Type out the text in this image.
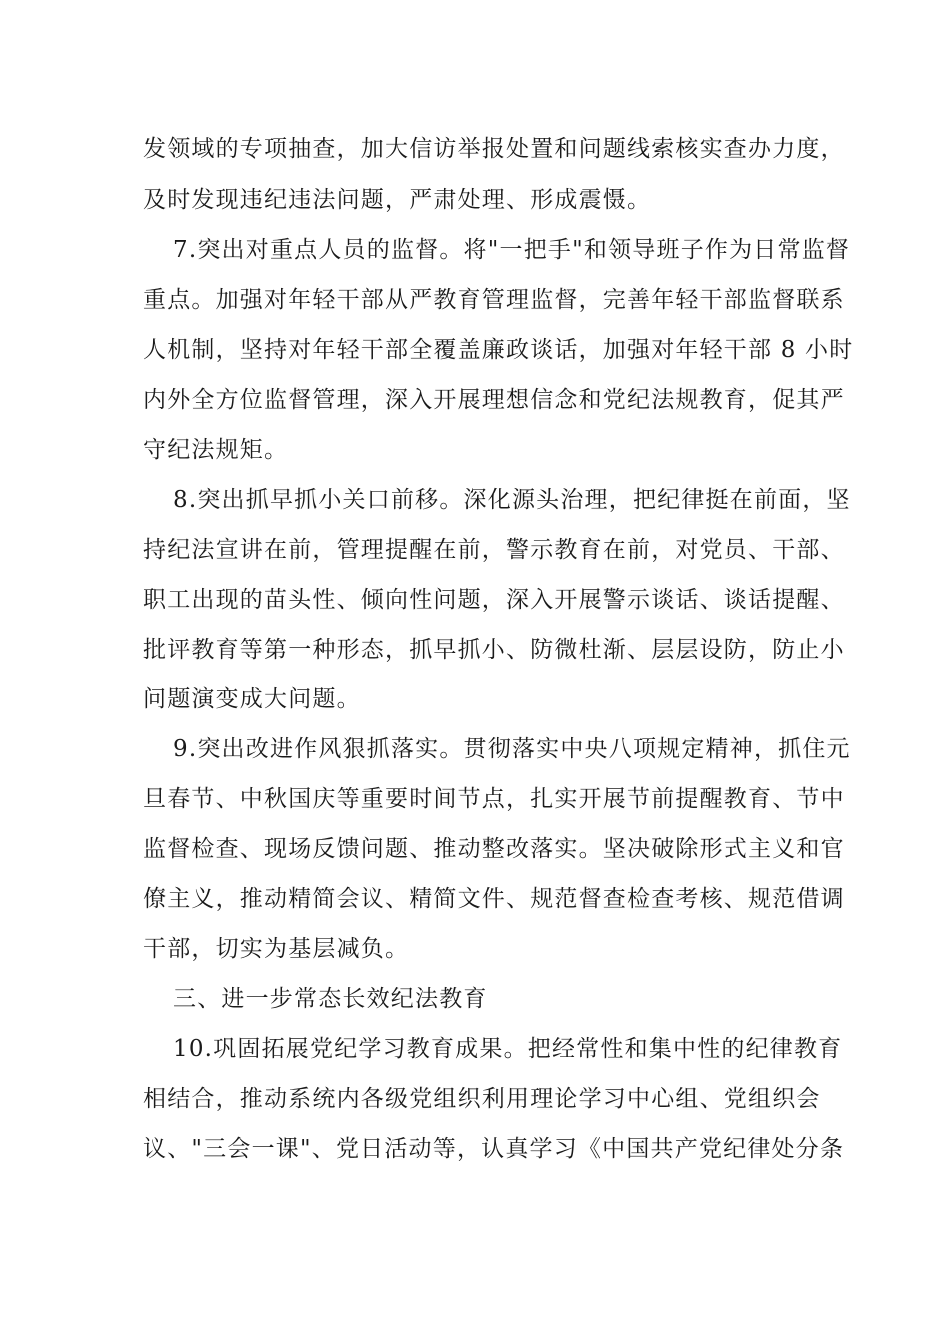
发领域的专项抽查，加大信访举报处置和问题线索核实查办力度，
及时发现违纪违法问题，严肃处理、形成震慑。
7.突出对重点人员的监督。将"一把手"和领导班子作为日常监督
重点。加强对年轻干部从严教育管理监督，完善年轻干部监督联系
人机制，坚持对年轻干部全覆盖廉政谈话，加强对年轻干部 8 小时
内外全方位监督管理，深入开展理想信念和党纪法规教育，促其严
守纪法规矩。
8.突出抓早抓小关口前移。深化源头治理，把纪律挺在前面，坚
持纪法宣讲在前，管理提醒在前，警示教育在前，对党员、干部、
职工出现的苗头性、倾向性问题，深入开展警示谈话、谈话提醒、
批评教育等第一种形态，抓早抓小、防微杜渐、层层设防，防止小
问题演变成大问题。
9.突出改进作风狠抓落实。贯彻落实中央八项规定精神，抓住元
旦春节、中秋国庆等重要时间节点，扎实开展节前提醒教育、节中
监督检查、现场反馈问题、推动整改落实。坚决破除形式主义和官
僚主义，推动精简会议、精简文件、规范督查检查考核、规范借调
干部，切实为基层减负。
三、进一步常态长效纪法教育
10.巩固拓展党纪学习教育成果。把经常性和集中性的纪律教育
相结合，推动系统内各级党组织利用理论学习中心组、党组织会
议、"三会一课"、党日活动等，认真学习《中国共产党纪律处分条
